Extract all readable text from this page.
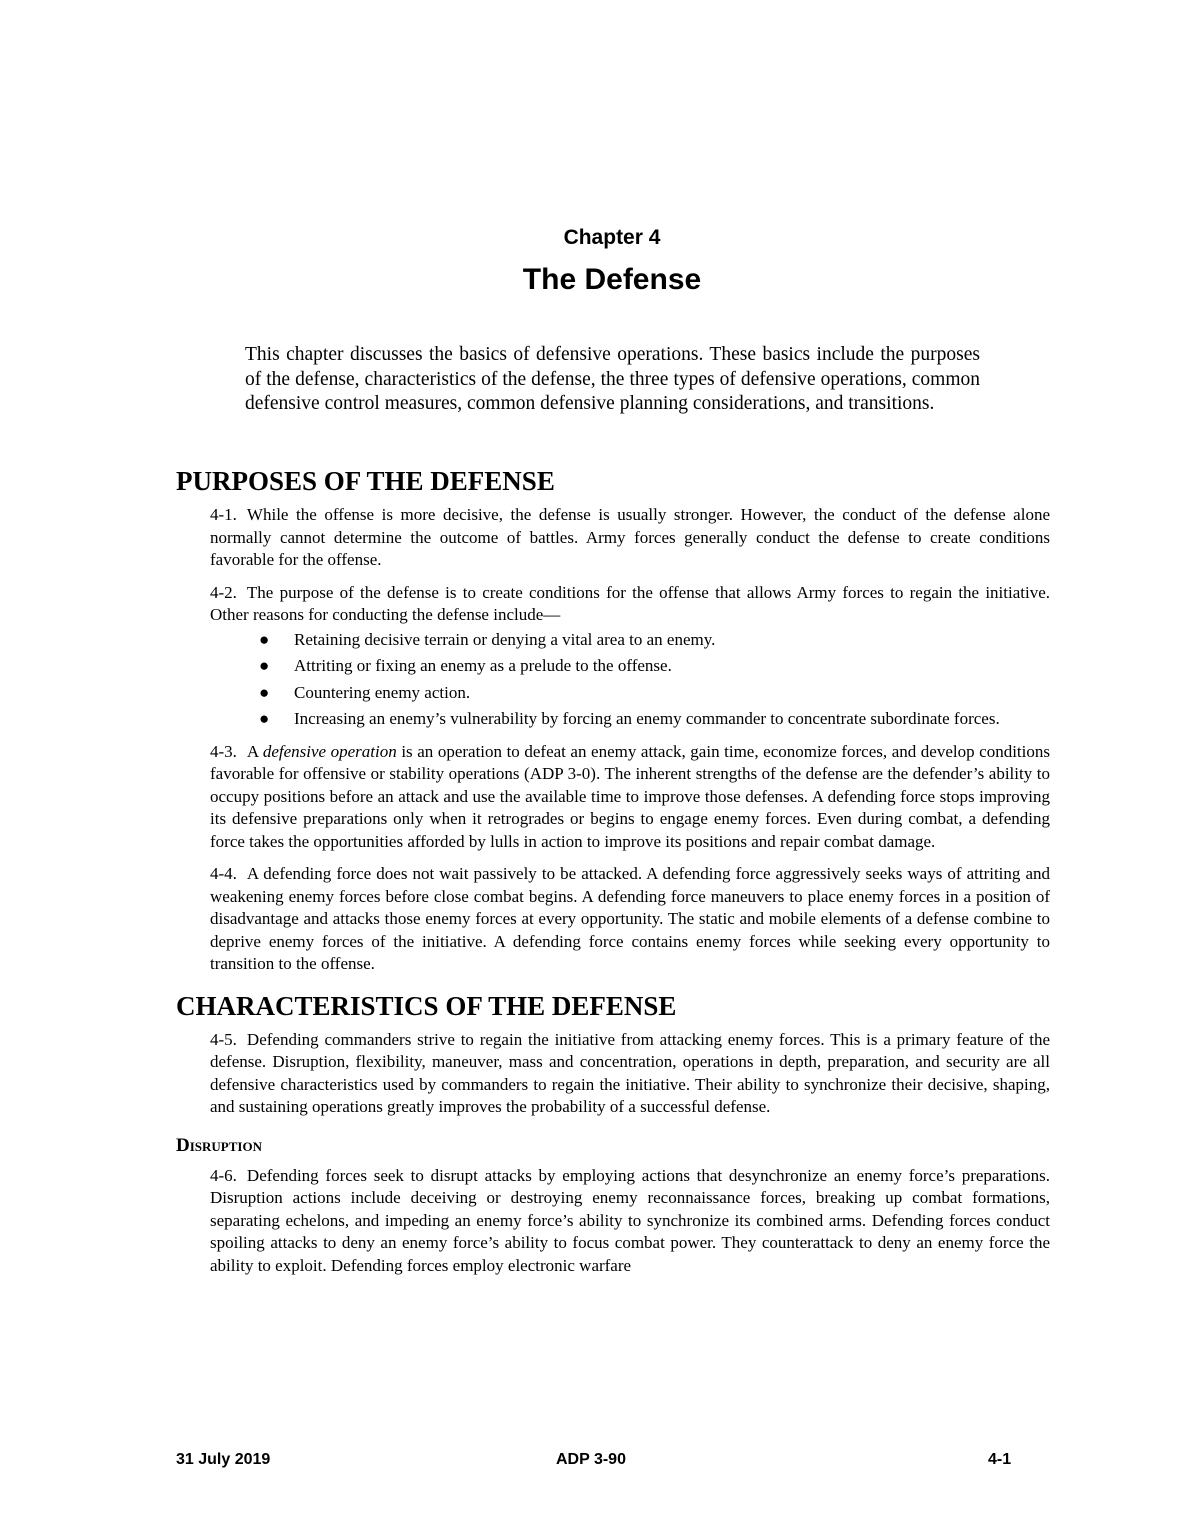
Chapter 4
The Defense

This chapter discusses the basics of defensive operations. These basics include the purposes of the defense, characteristics of the defense, the three types of defensive operations, common defensive control measures, common defensive planning considerations, and transitions.

PURPOSES OF THE DEFENSE

4-1. While the offense is more decisive, the defense is usually stronger. However, the conduct of the defense alone normally cannot determine the outcome of battles. Army forces generally conduct the defense to create conditions favorable for the offense.

4-2. The purpose of the defense is to create conditions for the offense that allows Army forces to regain the initiative. Other reasons for conducting the defense include—

● Retaining decisive terrain or denying a vital area to an enemy.
● Attriting or fixing an enemy as a prelude to the offense.
● Countering enemy action.
● Increasing an enemy’s vulnerability by forcing an enemy commander to concentrate subordinate forces.

4-3. A defensive operation is an operation to defeat an enemy attack, gain time, economize forces, and develop conditions favorable for offensive or stability operations (ADP 3-0). The inherent strengths of the defense are the defender’s ability to occupy positions before an attack and use the available time to improve those defenses. A defending force stops improving its defensive preparations only when it retrogrades or begins to engage enemy forces. Even during combat, a defending force takes the opportunities afforded by lulls in action to improve its positions and repair combat damage.

4-4. A defending force does not wait passively to be attacked. A defending force aggressively seeks ways of attriting and weakening enemy forces before close combat begins. A defending force maneuvers to place enemy forces in a position of disadvantage and attacks those enemy forces at every opportunity. The static and mobile elements of a defense combine to deprive enemy forces of the initiative. A defending force contains enemy forces while seeking every opportunity to transition to the offense.

CHARACTERISTICS OF THE DEFENSE

4-5. Defending commanders strive to regain the initiative from attacking enemy forces. This is a primary feature of the defense. Disruption, flexibility, maneuver, mass and concentration, operations in depth, preparation, and security are all defensive characteristics used by commanders to regain the initiative. Their ability to synchronize their decisive, shaping, and sustaining operations greatly improves the probability of a successful defense.

Disruption

4-6. Defending forces seek to disrupt attacks by employing actions that desynchronize an enemy force’s preparations. Disruption actions include deceiving or destroying enemy reconnaissance forces, breaking up combat formations, separating echelons, and impeding an enemy force’s ability to synchronize its combined arms. Defending forces conduct spoiling attacks to deny an enemy force’s ability to focus combat power. They counterattack to deny an enemy force the ability to exploit. Defending forces employ electronic warfare

31 July 2019	ADP 3-90	4-1
